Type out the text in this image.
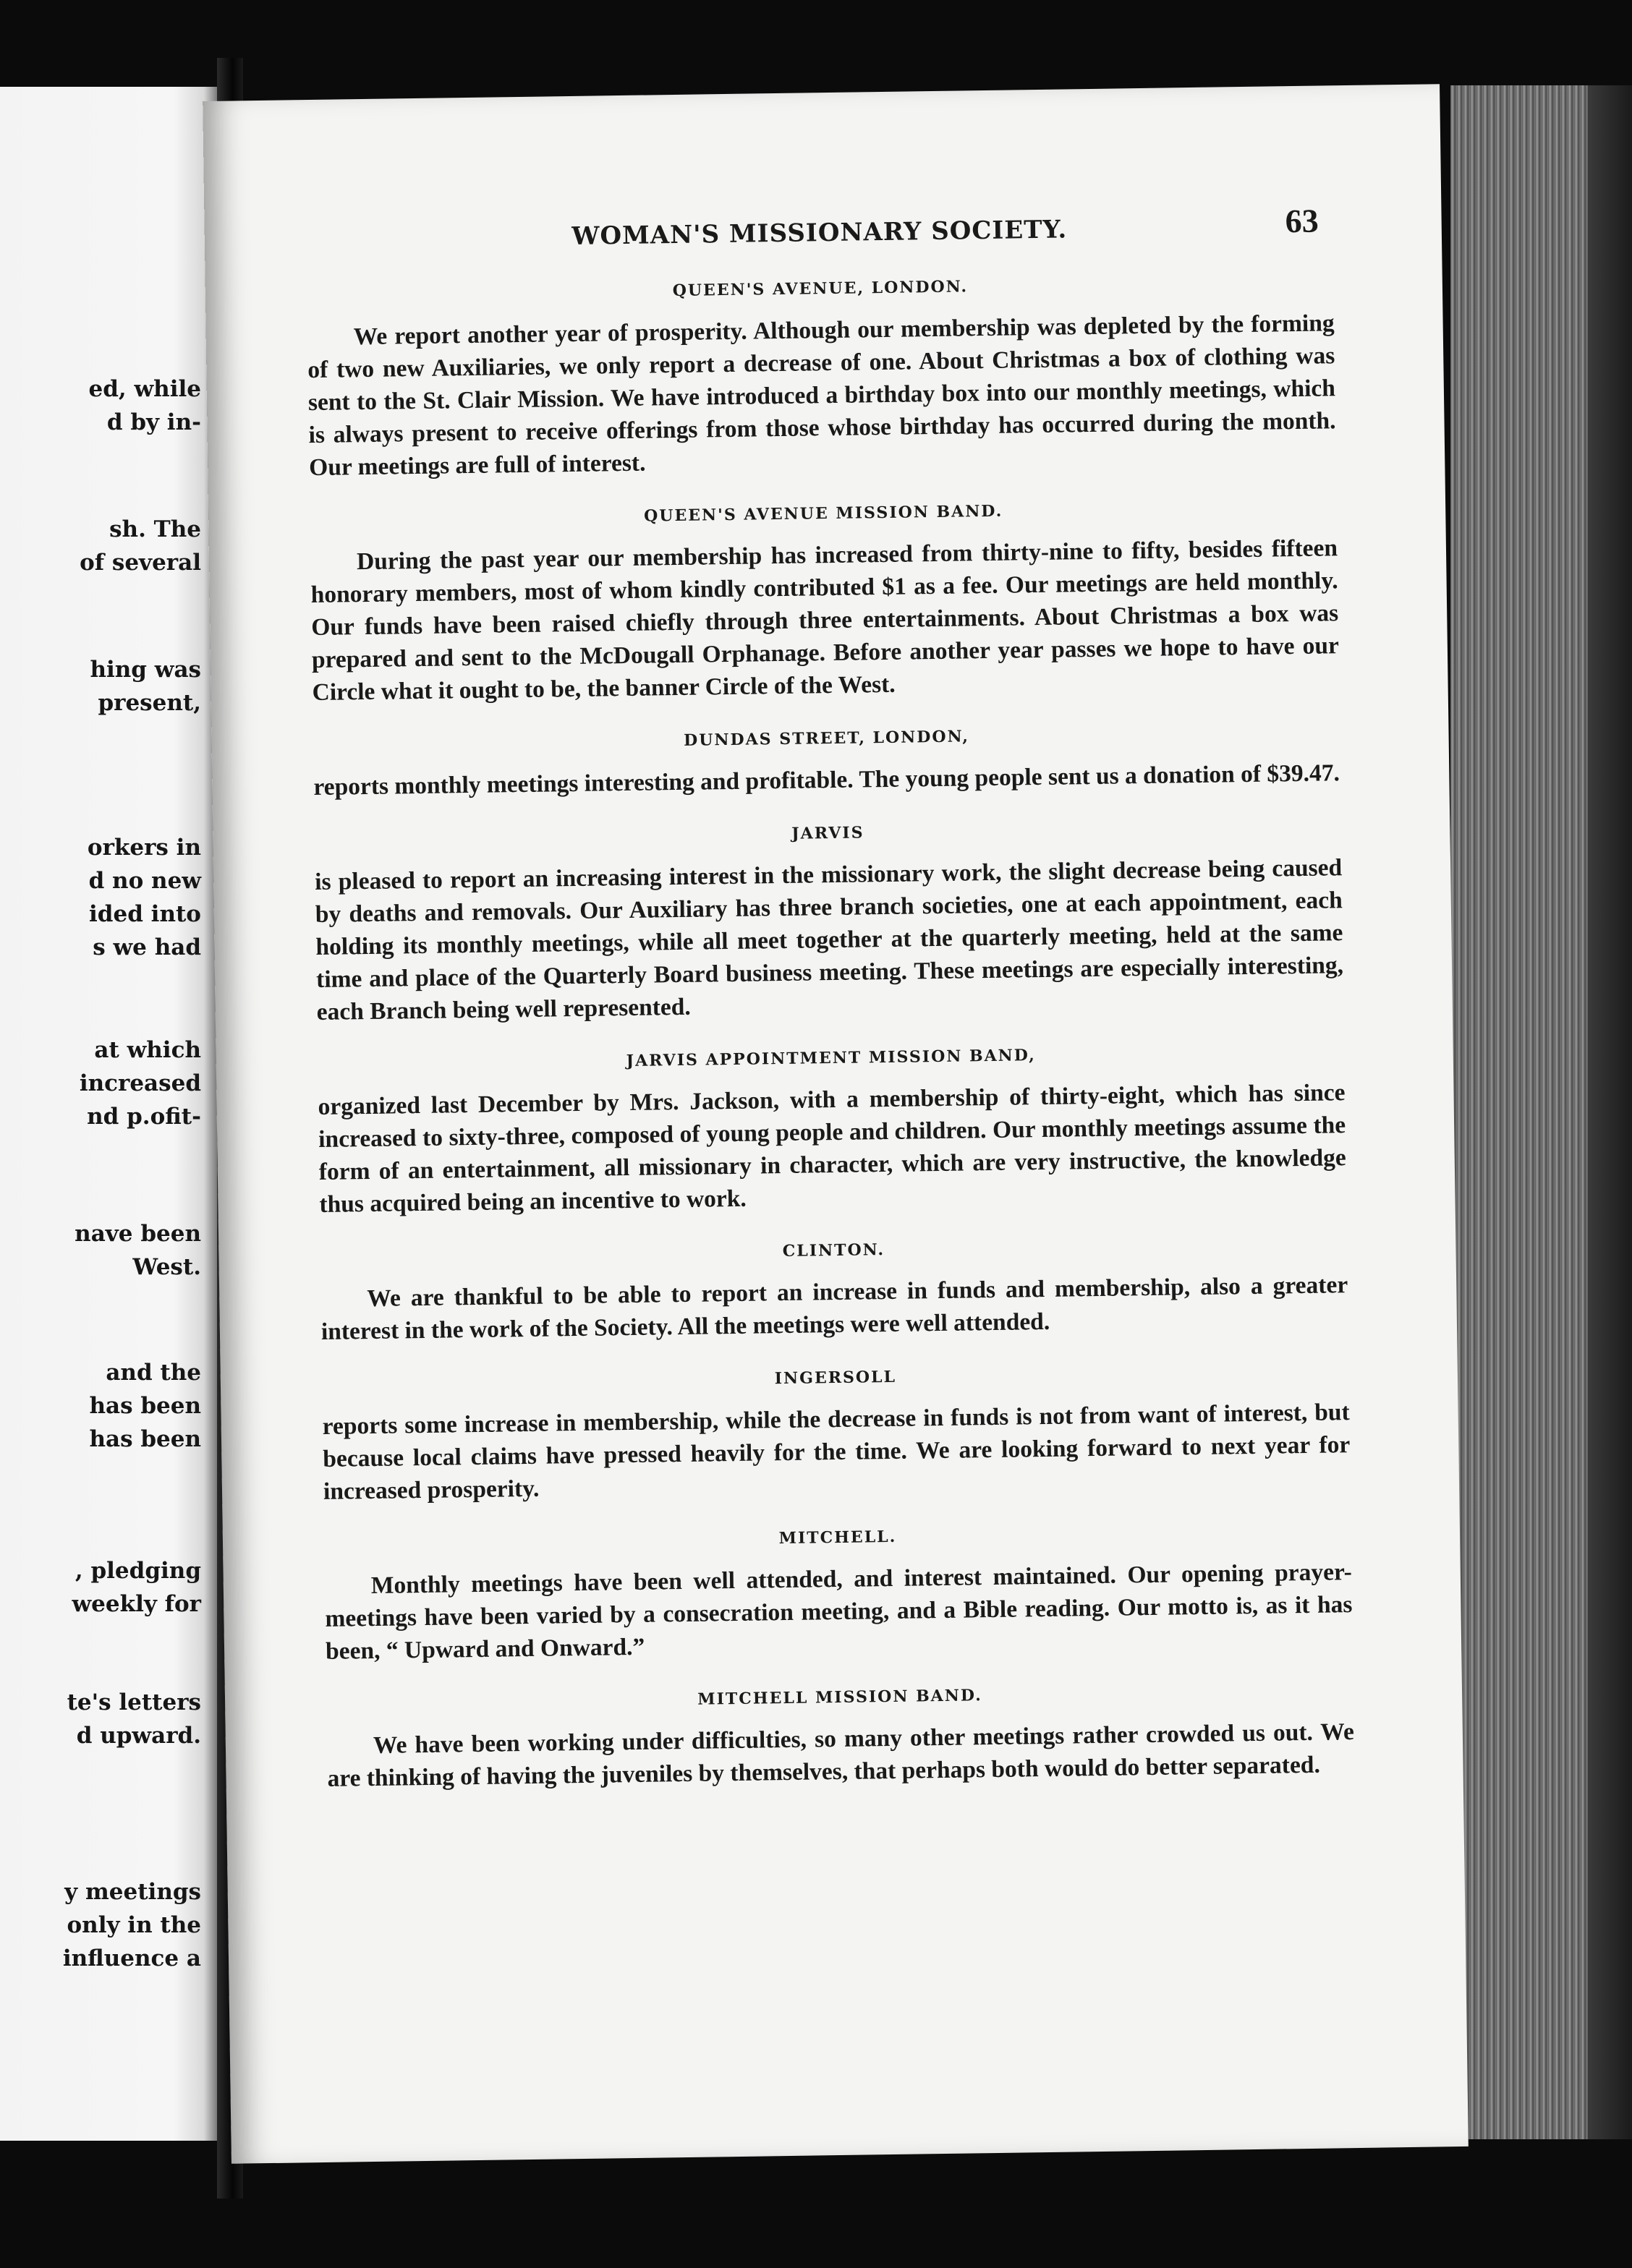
ed, while
d by in-
sh. The
of several
hing was
present,
orkers in
d no new
ided into
s we had
at which
increased
nd p.ofit-
nave been
West.
and the
has been
has been
, pledging
weekly for
te's letters
d upward.
y meetings
only in the
influence a
WOMAN'S MISSIONARY SOCIETY.	63
QUEEN'S AVENUE, LONDON.

We report another year of prosperity. Although our membership was depleted by the forming of two new Auxiliaries, we only report a decrease of one. About Christmas a box of clothing was sent to the St. Clair Mission. We have introduced a birthday box into our monthly meetings, which is always present to receive offerings from those whose birthday has occurred during the month. Our meetings are full of interest.

QUEEN'S AVENUE MISSION BAND.

During the past year our membership has increased from thirty-nine to fifty, besides fifteen honorary members, most of whom kindly contributed $1 as a fee. Our meetings are held monthly. Our funds have been raised chiefly through three entertainments. About Christmas a box was prepared and sent to the McDougall Orphanage. Before another year passes we hope to have our Circle what it ought to be, the banner Circle of the West.

DUNDAS STREET, LONDON,

reports monthly meetings interesting and profitable. The young people sent us a donation of $39.47.

JARVIS

is pleased to report an increasing interest in the missionary work, the slight decrease being caused by deaths and removals. Our Auxiliary has three branch societies, one at each appointment, each holding its monthly meetings, while all meet together at the quarterly meeting, held at the same time and place of the Quarterly Board business meeting. These meetings are especially interesting, each Branch being well represented.

JARVIS APPOINTMENT MISSION BAND,

organized last December by Mrs. Jackson, with a membership of thirty-eight, which has since increased to sixty-three, composed of young people and children. Our monthly meetings assume the form of an entertainment, all missionary in character, which are very instructive, the knowledge thus acquired being an incentive to work.

CLINTON.

We are thankful to be able to report an increase in funds and membership, also a greater interest in the work of the Society. All the meetings were well attended.

INGERSOLL

reports some increase in membership, while the decrease in funds is not from want of interest, but because local claims have pressed heavily for the time. We are looking forward to next year for increased prosperity.

MITCHELL.

Monthly meetings have been well attended, and interest maintained. Our opening prayer-meetings have been varied by a consecration meeting, and a Bible reading. Our motto is, as it has been, “ Upward and Onward.”

MITCHELL MISSION BAND.

We have been working under difficulties, so many other meetings rather crowded us out. We are thinking of having the juveniles by themselves, that perhaps both would do better separated.
